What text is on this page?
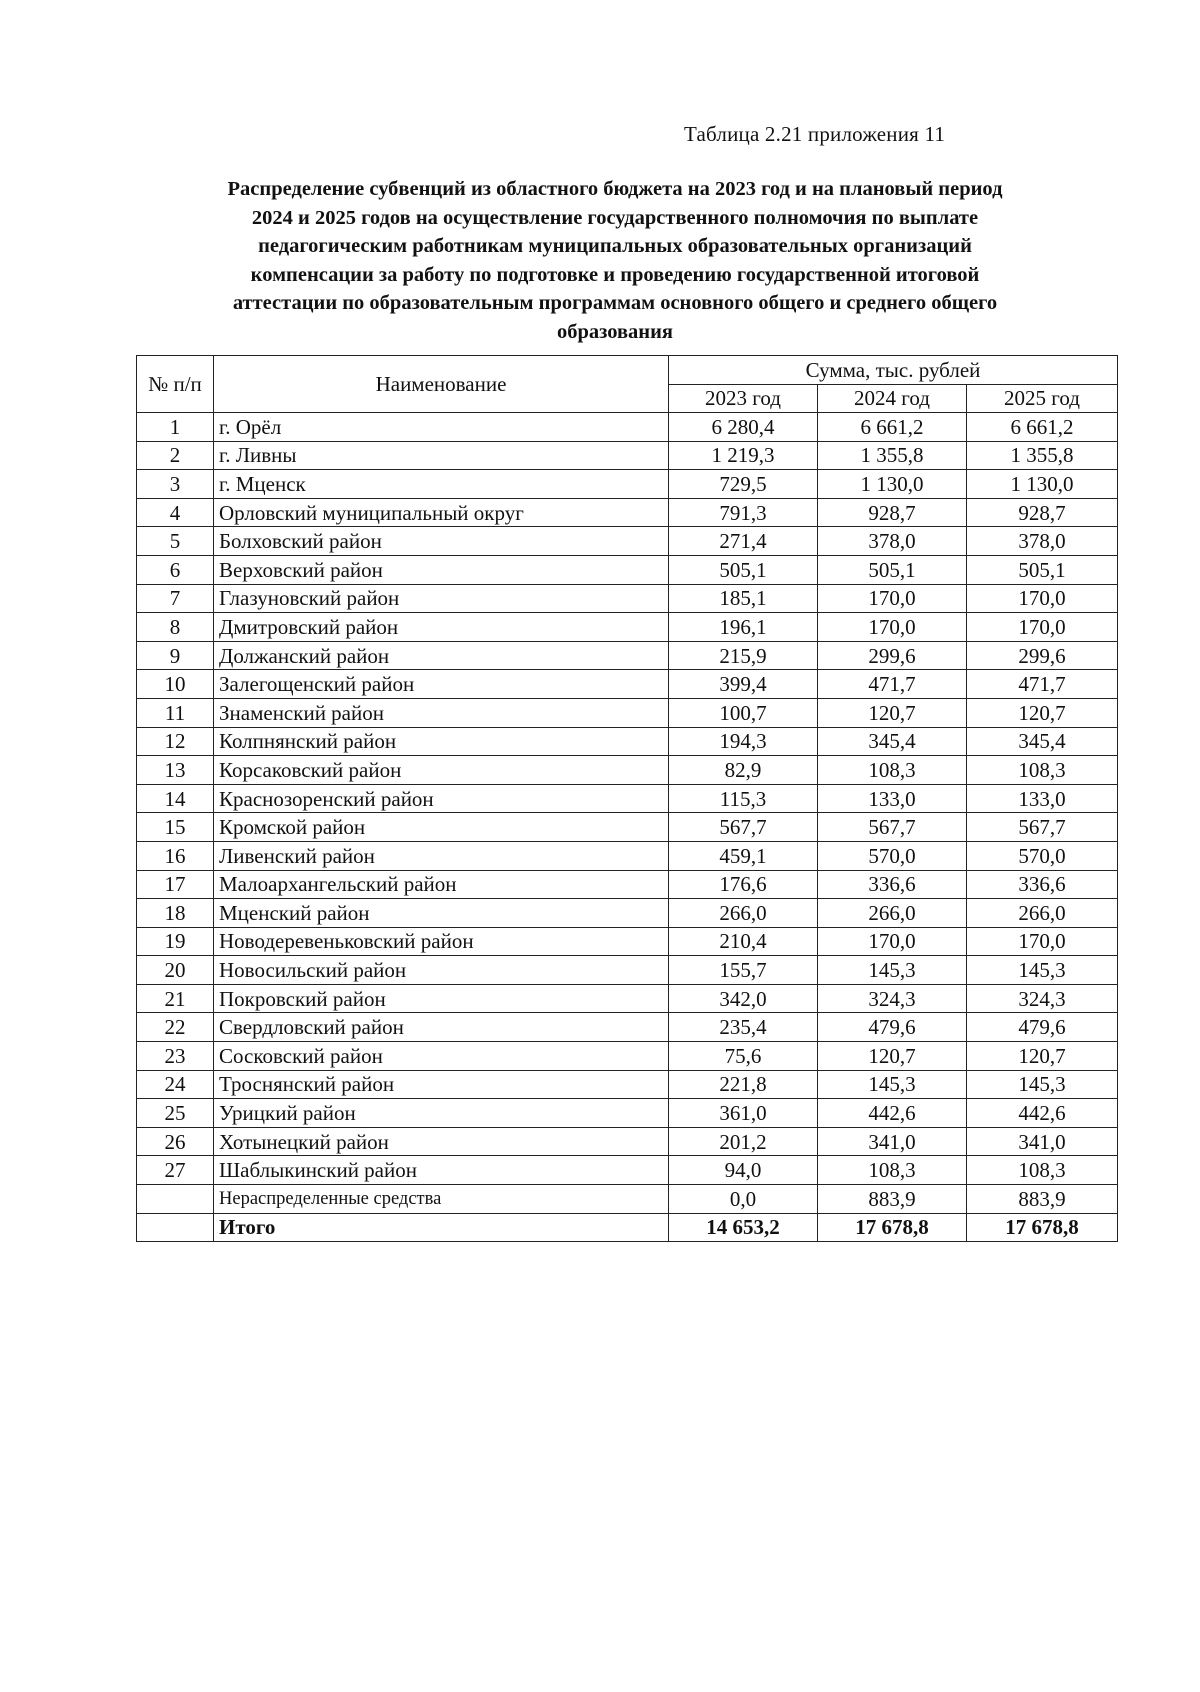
Таблица 2.21 приложения 11
Распределение субвенций из областного бюджета на 2023 год и на плановый период
2024 и 2025 годов на осуществление государственного полномочия по выплате
педагогическим работникам муниципальных образовательных организаций
компенсации за работу по подготовке и проведению государственной итоговой
аттестации по образовательным программам основного общего и среднего общего
образования
№ п/п	Наименование	Сумма, тыс. рублей		
		2023 год	2024 год	2025 год
1	г. Орёл	6 280,4	6 661,2	6 661,2
2	г. Ливны	1 219,3	1 355,8	1 355,8
3	г. Мценск	729,5	1 130,0	1 130,0
4	Орловский муниципальный округ	791,3	928,7	928,7
5	Болховский район	271,4	378,0	378,0
6	Верховский район	505,1	505,1	505,1
7	Глазуновский район	185,1	170,0	170,0
8	Дмитровский район	196,1	170,0	170,0
9	Должанский район	215,9	299,6	299,6
10	Залегощенский район	399,4	471,7	471,7
11	Знаменский район	100,7	120,7	120,7
12	Колпнянский район	194,3	345,4	345,4
13	Корсаковский район	82,9	108,3	108,3
14	Краснозоренский район	115,3	133,0	133,0
15	Кромской район	567,7	567,7	567,7
16	Ливенский район	459,1	570,0	570,0
17	Малоархангельский район	176,6	336,6	336,6
18	Мценский район	266,0	266,0	266,0
19	Новодеревеньковский район	210,4	170,0	170,0
20	Новосильский район	155,7	145,3	145,3
21	Покровский район	342,0	324,3	324,3
22	Свердловский район	235,4	479,6	479,6
23	Сосковский район	75,6	120,7	120,7
24	Троснянский район	221,8	145,3	145,3
25	Урицкий район	361,0	442,6	442,6
26	Хотынецкий район	201,2	341,0	341,0
27	Шаблыкинский район	94,0	108,3	108,3
	Нераспределенные средства	0,0	883,9	883,9
	Итого	14 653,2	17 678,8	17 678,8
